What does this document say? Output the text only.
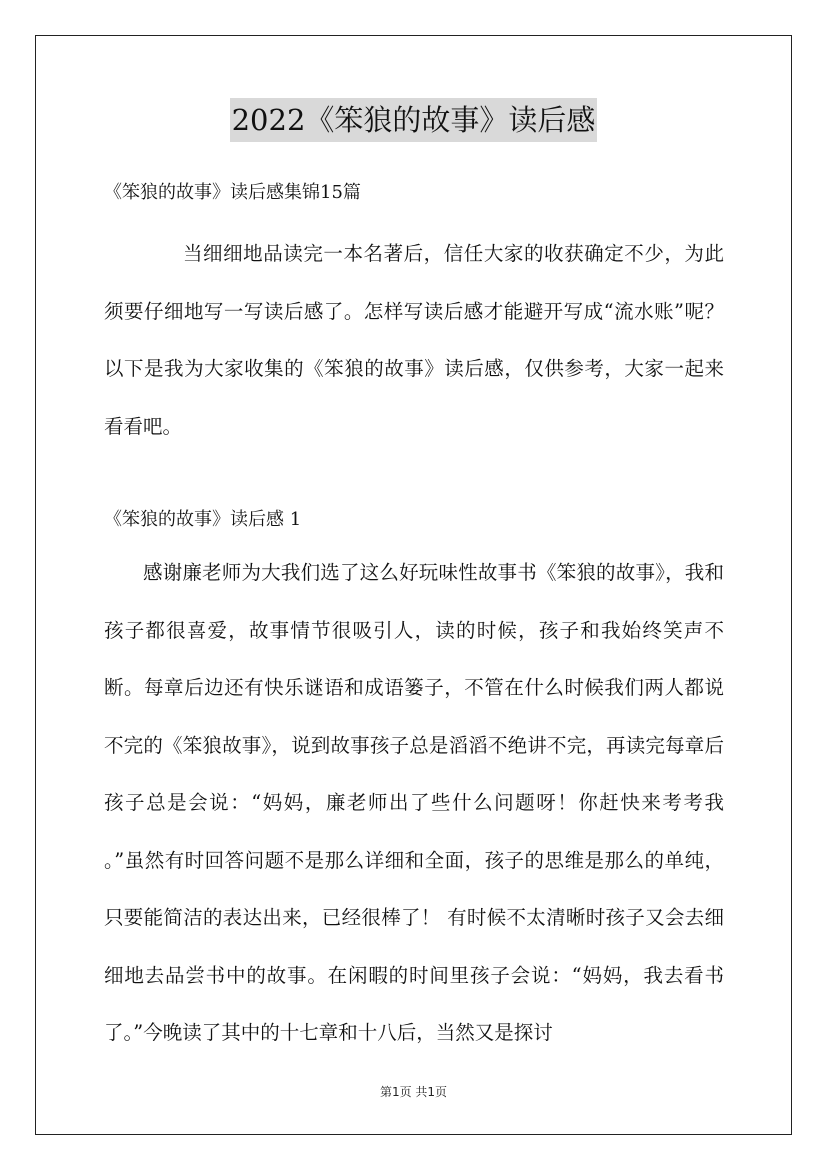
2022《笨狼的故事》读后感
《笨狼的故事》读后感集锦15篇

当细细地品读完一本名著后，信任大家的收获确定不少，为此须要仔细地写一写读后感了。怎样写读后感才能避开写成“流水账”呢？以下是我为大家收集的《笨狼的故事》读后感，仅供参考，大家一起来看看吧。

《笨狼的故事》读后感 1

感谢廉老师为大我们选了这么好玩味性故事书《笨狼的故事》，我和孩子都很喜爱，故事情节很吸引人，读的时候，孩子和我始终笑声不断。每章后边还有快乐谜语和成语篓子，不管在什么时候我们两人都说不完的《笨狼故事》，说到故事孩子总是滔滔不绝讲不完，再读完每章后孩子总是会说：“妈妈，廉老师出了些什么问题呀！你赶快来考考我 。”虽然有时回答问题不是那么详细和全面，孩子的思维是那么的单纯，只要能简洁的表达出来，已经很棒了！ 有时候不太清晰时孩子又会去细细地去品尝书中的故事。在闲暇的时间里孩子会说：“妈妈，我去看书了。”今晚读了其中的十七章和十八后，当然又是探讨

第1页 共1页
